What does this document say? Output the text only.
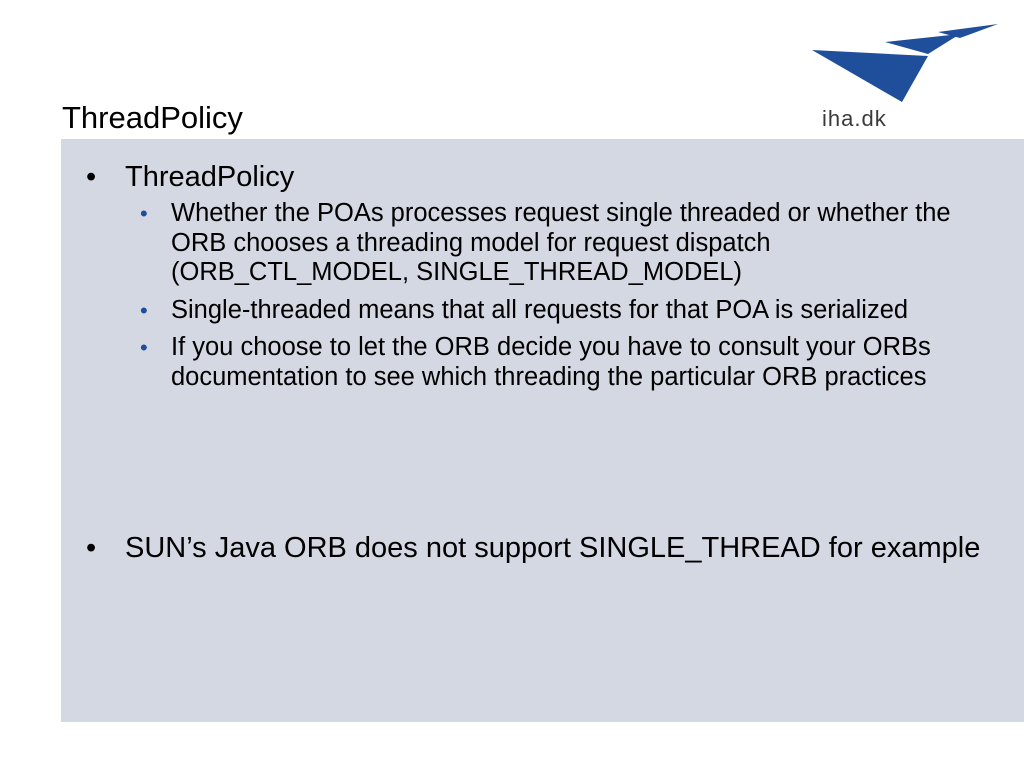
ThreadPolicy	iha.dk
• ThreadPolicy
• Whether the POAs processes request single threaded or whether the ORB chooses a threading model for request dispatch (ORB_CTL_MODEL, SINGLE_THREAD_MODEL)
• Single-threaded means that all requests for that POA is serialized
• If you choose to let the ORB decide you have to consult your ORBs documentation to see which threading the particular ORB practices
• SUN’s Java ORB does not support SINGLE_THREAD for example
